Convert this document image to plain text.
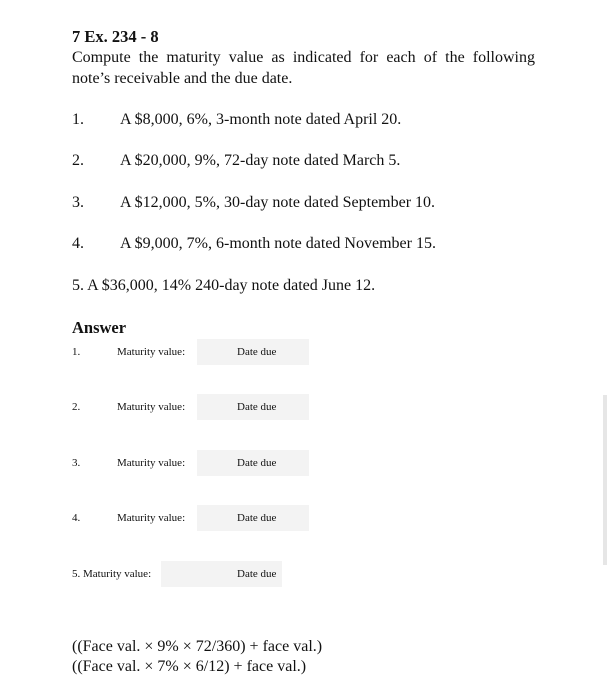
7 Ex. 234 - 8
Compute the maturity value as indicated for each of the following note’s receivable and the due date.
1. A $8,000, 6%, 3-month note dated April 20.
2. A $20,000, 9%, 72-day note dated March 5.
3. A $12,000, 5%, 30-day note dated September 10.
4. A $9,000, 7%, 6-month note dated November 15.
5. A $36,000, 14% 240-day note dated June 12.
Answer
1.	Maturity value:	Date due
2.	Maturity value:	Date due
3.	Maturity value:	Date due
4.	Maturity value:	Date due
5. Maturity value:	Date due
((Face val. × 9% × 72/360) + face val.)
((Face val. × 7% × 6/12) + face val.)
